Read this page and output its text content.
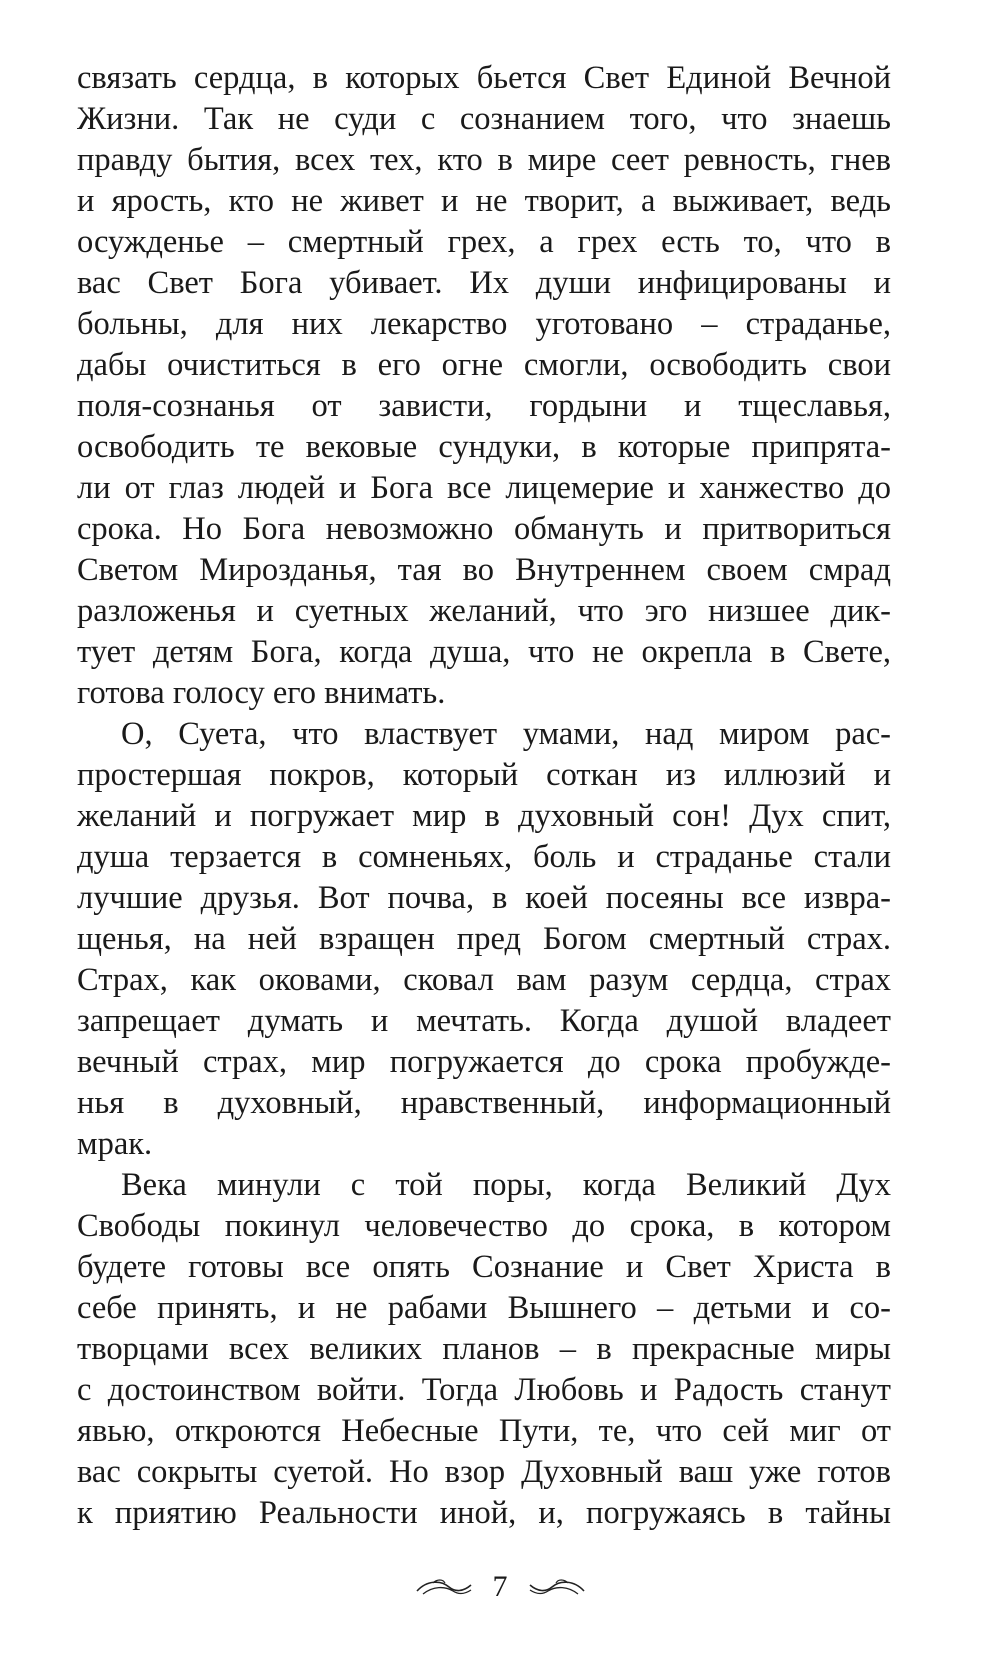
связать сердца, в которых бьется Свет Единой Вечной
Жизни. Так не суди с сознанием того, что знаешь
правду бытия, всех тех, кто в мире сеет ревность, гнев
и ярость, кто не живет и не творит, а выживает, ведь
осужденье – смертный грех, а грех есть то, что в
вас Свет Бога убивает. Их души инфицированы и
больны, для них лекарство уготовано – страданье,
дабы очиститься в его огне смогли, освободить свои
поля-сознанья от зависти, гордыни и тщеславья,
освободить те вековые сундуки, в которые припрята-
ли от глаз людей и Бога все лицемерие и ханжество до
срока. Но Бога невозможно обмануть и притвориться
Светом Мирозданья, тая во Внутреннем своем смрад
разложенья и суетных желаний, что эго низшее дик-
тует детям Бога, когда душа, что не окрепла в Свете,
готова голосу его внимать.
О, Суета, что властвует умами, над миром рас-
простершая покров, который соткан из иллюзий и
желаний и погружает мир в духовный сон! Дух спит,
душа терзается в сомненьях, боль и страданье стали
лучшие друзья. Вот почва, в коей посеяны все извра-
щенья, на ней взращен пред Богом смертный страх.
Страх, как оковами, сковал вам разум сердца, страх
запрещает думать и мечтать. Когда душой владеет
вечный страх, мир погружается до срока пробужде-
нья в духовный, нравственный, информационный
мрак.
Века минули с той поры, когда Великий Дух
Свободы покинул человечество до срока, в котором
будете готовы все опять Сознание и Свет Христа в
себе принять, и не рабами Вышнего – детьми и со-
творцами всех великих планов – в прекрасные миры
с достоинством войти. Тогда Любовь и Радость станут
явью, откроются Небесные Пути, те, что сей миг от
вас сокрыты суетой. Но взор Духовный ваш уже готов
к приятию Реальности иной, и, погружаясь в тайны
7
